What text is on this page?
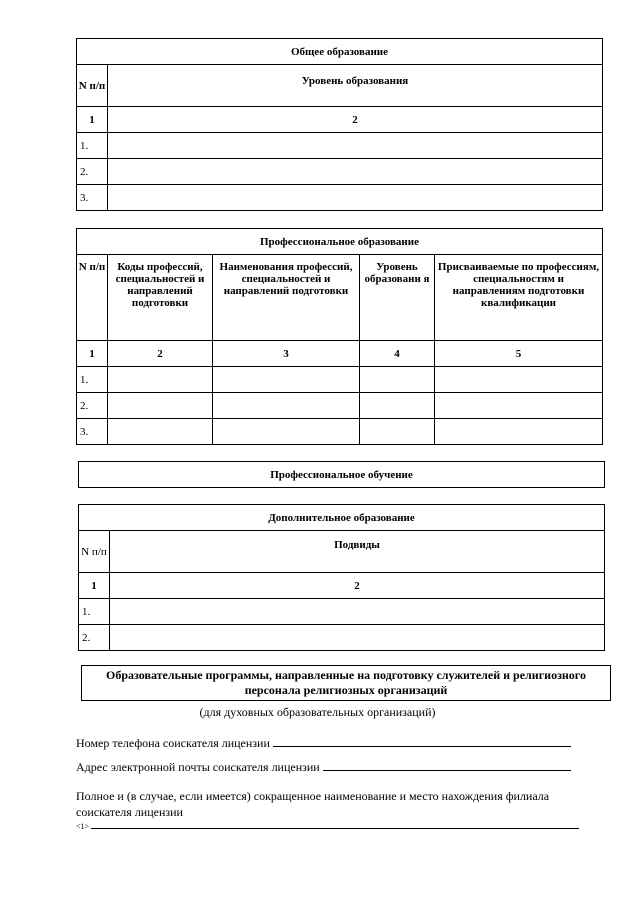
Общее образование	
N п/п	Уровень образования
1	2
1.	
2.	
3.	
Профессиональное образование				
N п/п	Коды профессий, специальностей и направлений подготовки	Наименования профессий, специальностей и направлений подготовки	Уровень образовани я	Присваиваемые по профессиям, специальностям и направлениям подготовки квалификации
1	2	3	4	5
1.				
2.				
3.				
Профессиональное обучение
Дополнительное образование	
N п/п	Подвиды
1	2
1.	
2.	
Образовательные программы, направленные на подготовку служителей и религиозного персонала религиозных организаций
(для духовных образовательных организаций)
Номер телефона соискателя лицензии
Адрес электронной почты соискателя лицензии
Полное и (в случае, если имеется) сокращенное наименование и место нахождения филиала
соискателя лицензии
<1>
